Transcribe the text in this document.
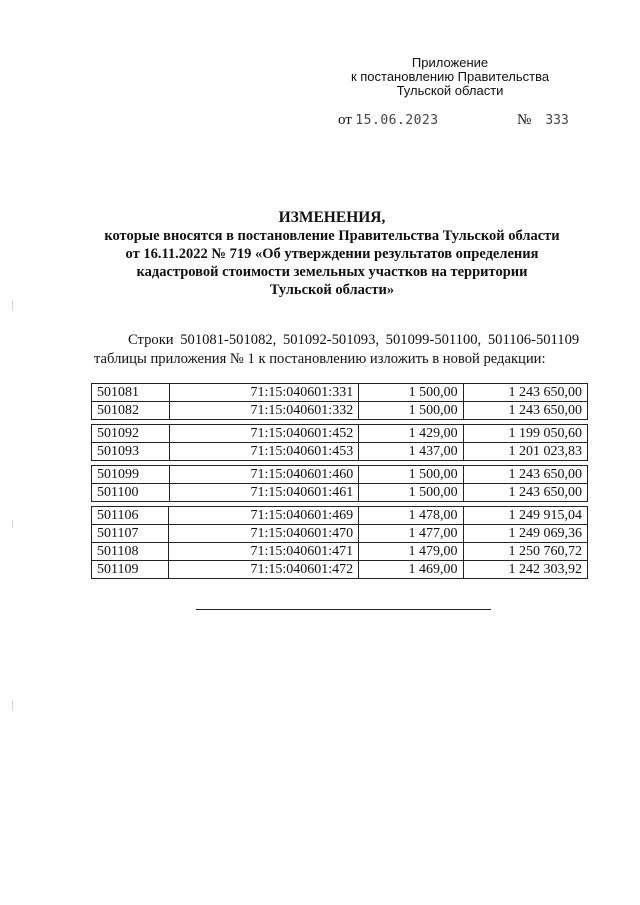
Приложение
к постановлению Правительства
Тульской области
от 15.06.2023	№ 333
ИЗМЕНЕНИЯ,
которые вносятся в постановление Правительства Тульской области
от 16.11.2022 № 719 «Об утверждении результатов определения
кадастровой стоимости земельных участков на территории
Тульской области»
Строки 501081-501082, 501092-501093, 501099-501100, 501106-501109
таблицы приложения № 1 к постановлению изложить в новой редакции:
501081	71:15:040601:331	1 500,00	1 243 650,00
501082	71:15:040601:332	1 500,00	1 243 650,00
501092	71:15:040601:452	1 429,00	1 199 050,60
501093	71:15:040601:453	1 437,00	1 201 023,83
501099	71:15:040601:460	1 500,00	1 243 650,00
501100	71:15:040601:461	1 500,00	1 243 650,00
501106	71:15:040601:469	1 478,00	1 249 915,04
501107	71:15:040601:470	1 477,00	1 249 069,36
501108	71:15:040601:471	1 479,00	1 250 760,72
501109	71:15:040601:472	1 469,00	1 242 303,92
